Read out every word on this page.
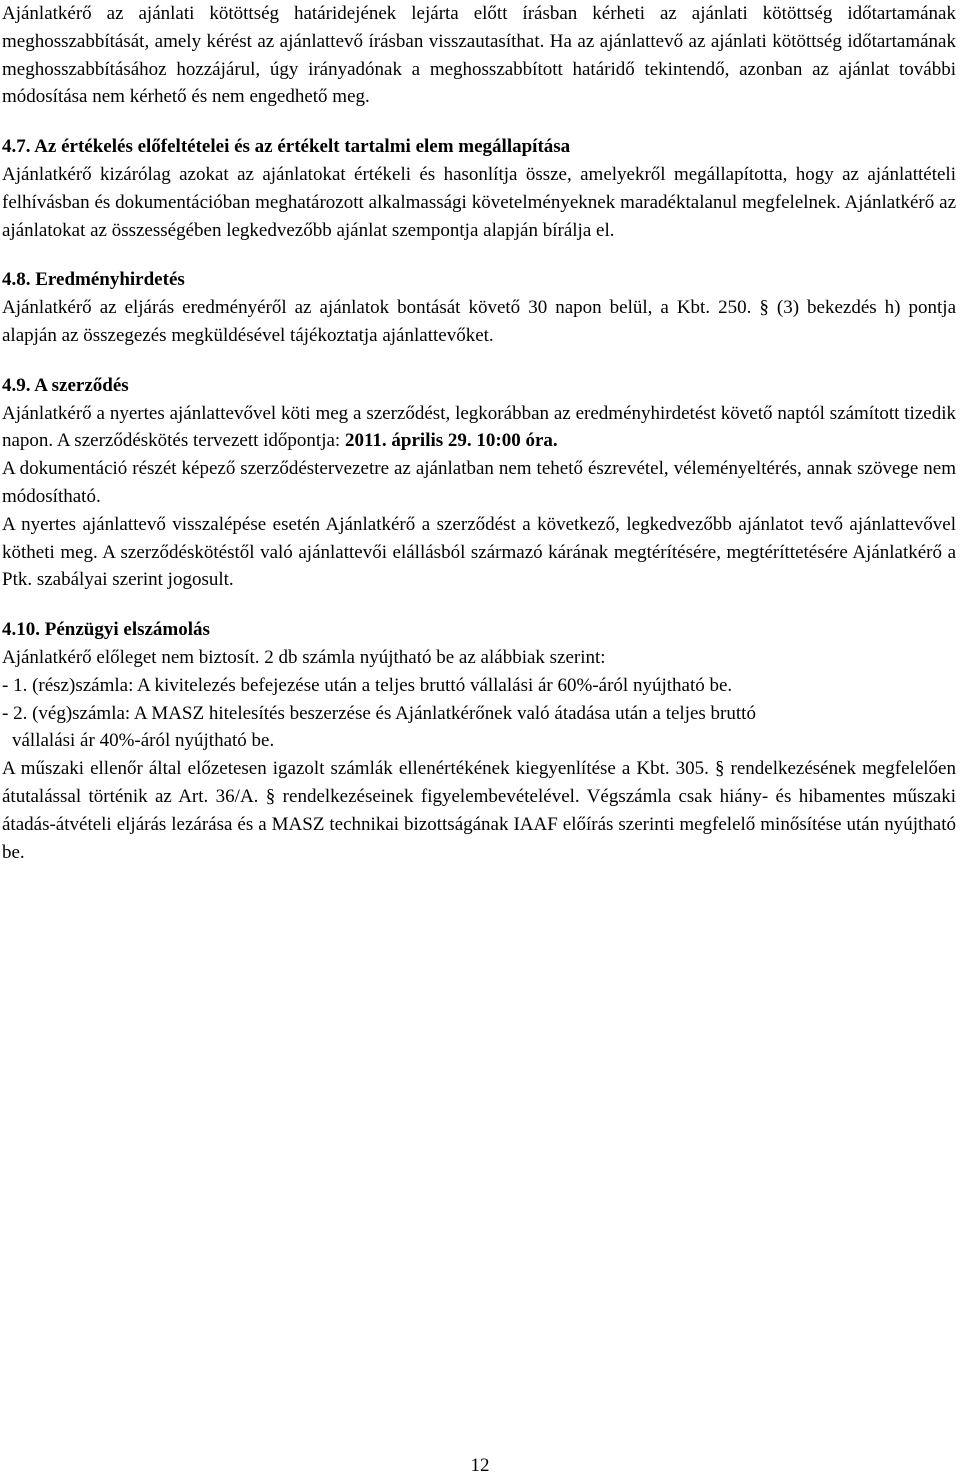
Ajánlatkérő az ajánlati kötöttség határidejének lejárta előtt írásban kérheti az ajánlati kötöttség időtartamának meghosszabbítását, amely kérést az ajánlattevő írásban visszautasíthat. Ha az ajánlattevő az ajánlati kötöttség időtartamának meghosszabbításához hozzájárul, úgy irányadónak a meghosszabbított határidő tekintendő, azonban az ajánlat további módosítása nem kérhető és nem engedhető meg.

4.7. Az értékelés előfeltételei és az értékelt tartalmi elem megállapítása

Ajánlatkérő kizárólag azokat az ajánlatokat értékeli és hasonlítja össze, amelyekről megállapította, hogy az ajánlattételi felhívásban és dokumentációban meghatározott alkalmassági követelményeknek maradéktalanul megfelelnek. Ajánlatkérő az ajánlatokat az összességében legkedvezőbb ajánlat szempontja alapján bírálja el.

4.8. Eredményhirdetés

Ajánlatkérő az eljárás eredményéről az ajánlatok bontását követő 30 napon belül, a Kbt. 250. § (3) bekezdés h) pontja alapján az összegezés megküldésével tájékoztatja ajánlattevőket.

4.9. A szerződés

Ajánlatkérő a nyertes ajánlattevővel köti meg a szerződést, legkorábban az eredményhirdetést követő naptól számított tizedik napon. A szerződéskötés tervezett időpontja: 2011. április 29. 10:00 óra.

A dokumentáció részét képező szerződéstervezetre az ajánlatban nem tehető észrevétel, véleményeltérés, annak szövege nem módosítható.

A nyertes ajánlattevő visszalépése esetén Ajánlatkérő a szerződést a következő, legkedvezőbb ajánlatot tevő ajánlattevővel kötheti meg. A szerződéskötéstől való ajánlattevői elállásból származó kárának megtérítésére, megtéríttetésére Ajánlatkérő a Ptk. szabályai szerint jogosult.

4.10. Pénzügyi elszámolás

Ajánlatkérő előleget nem biztosít. 2 db számla nyújtható be az alábbiak szerint:

- 1. (rész)számla: A kivitelezés befejezése után a teljes bruttó vállalási ár 60%-áról nyújtható be.

- 2. (vég)számla: A MASZ hitelesítés beszerzése és Ajánlatkérőnek való átadása után a teljes bruttó

vállalási ár 40%-áról nyújtható be.

A műszaki ellenőr által előzetesen igazolt számlák ellenértékének kiegyenlítése a Kbt. 305. § rendelkezésének megfelelően átutalással történik az Art. 36/A. § rendelkezéseinek figyelembevételével. Végszámla csak hiány- és hibamentes műszaki átadás-átvételi eljárás lezárása és a MASZ technikai bizottságának IAAF előírás szerinti megfelelő minősítése után nyújtható be.

12
